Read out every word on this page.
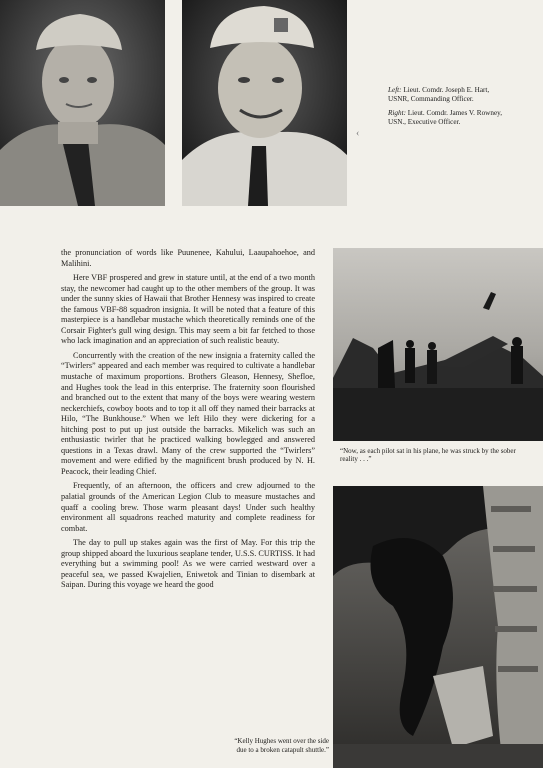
Left: Lieut. Comdr. Joseph E. Hart, USNR, Commanding Officer.

Right: Lieut. Comdr. James V. Rowney, USN., Executive Officer.

‹

the pronunciation of words like Puunenee, Kahului, Laaupahoehoe, and Malihini.

Here VBF prospered and grew in stature until, at the end of a two month stay, the newcomer had caught up to the other members of the group. It was under the sunny skies of Hawaii that Brother Hennesy was inspired to create the famous VBF-88 squadron insignia. It will be noted that a feature of this masterpiece is a handlebar mustache which theoretically reminds one of the Corsair Fighter's gull wing design. This may seem a bit far fetched to those who lack imagination and an appreciation of such realistic beauty.

Concurrently with the creation of the new insignia a fraternity called the “Twirlers” appeared and each member was required to cultivate a handlebar mustache of maximum proportions. Brothers Gleason, Hennesy, Shefloe, and Hughes took the lead in this enterprise. The fraternity soon flourished and branched out to the extent that many of the boys were wearing western neckerchiefs, cowboy boots and to top it all off they named their barracks at Hilo, “The Bunkhouse.” When we left Hilo they were dickering for a hitching post to put up just outside the barracks. Mikelich was such an enthusiastic twirler that he practiced walking bowlegged and answered questions in a Texas drawl. Many of the crew supported the “Twirlers” movement and were edified by the magnificent brush produced by N. H. Peacock, their leading Chief.

Frequently, of an afternoon, the officers and crew adjourned to the palatial grounds of the American Legion Club to measure mustaches and quaff a cooling brew. Those warm pleasant days! Under such healthy environment all squadrons reached maturity and complete readiness for combat.

The day to pull up stakes again was the first of May. For this trip the group shipped aboard the luxurious seaplane tender, U.S.S. CURTISS. It had everything but a swimming pool! As we were carried westward over a peaceful sea, we passed Kwajelien, Eniwetok and Tinian to disembark at Saipan. During this voyage we heard the good

“Now, as each pilot sat in his plane, he was struck by the sober
reality . . .”
“Kelly Hughes went over the side
due to a broken catapult shuttle.”
